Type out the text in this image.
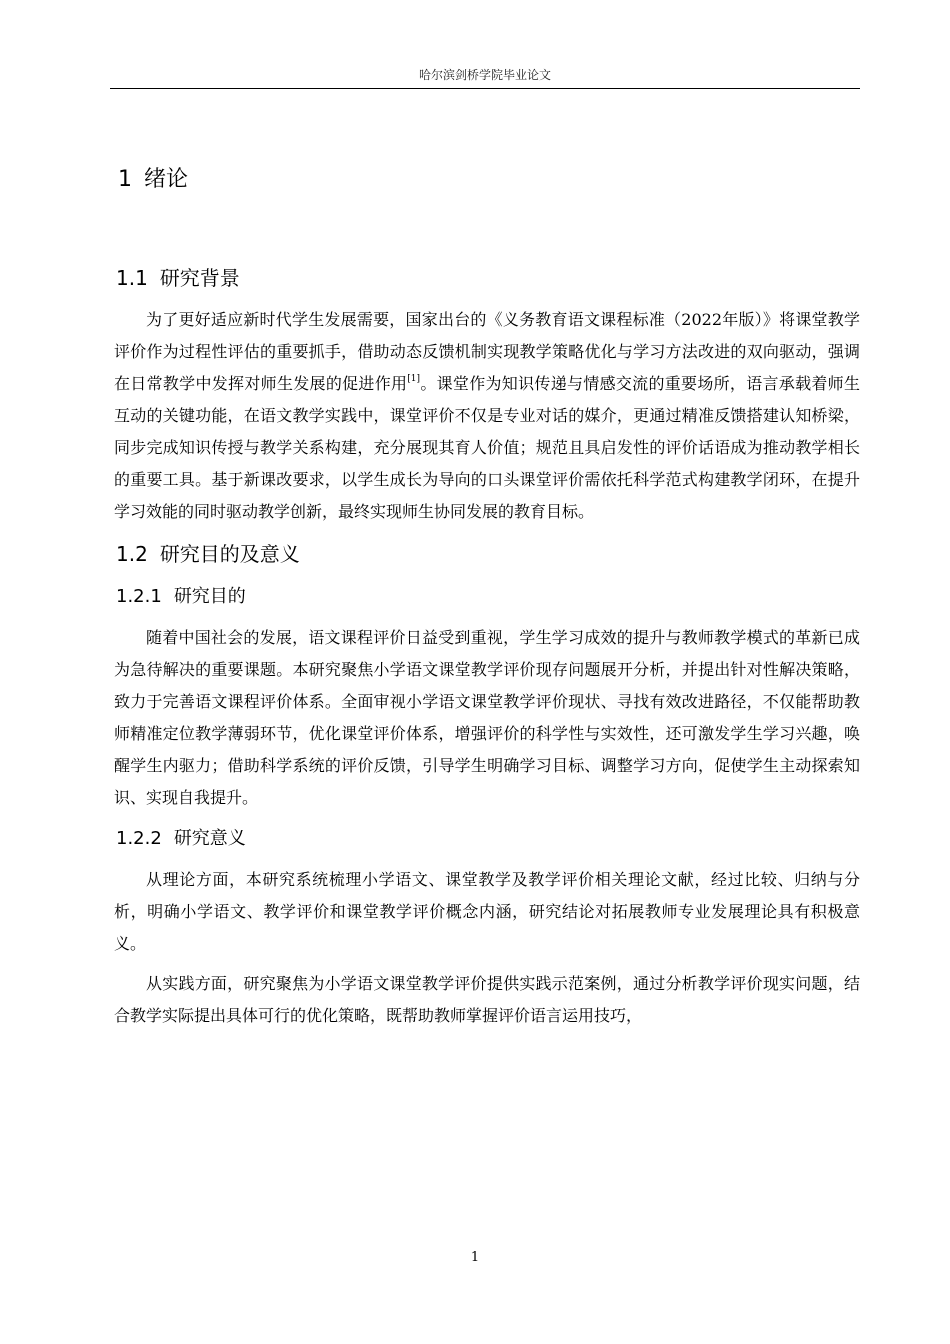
哈尔滨剑桥学院毕业论文
1 绪论
1.1 研究背景

为了更好适应新时代学生发展需要，国家出台的《义务教育语文课程标准（2022年版）》将课堂教学评价作为过程性评估的重要抓手，借助动态反馈机制实现教学策略优化与学习方法改进的双向驱动，强调在日常教学中发挥对师生发展的促进作用[1]。课堂作为知识传递与情感交流的重要场所，语言承载着师生互动的关键功能，在语文教学实践中，课堂评价不仅是专业对话的媒介，更通过精准反馈搭建认知桥梁，同步完成知识传授与教学关系构建，充分展现其育人价值；规范且具启发性的评价话语成为推动教学相长的重要工具。基于新课改要求，以学生成长为导向的口头课堂评价需依托科学范式构建教学闭环，在提升学习效能的同时驱动教学创新，最终实现师生协同发展的教育目标。

1.2 研究目的及意义
1.2.1 研究目的

随着中国社会的发展，语文课程评价日益受到重视，学生学习成效的提升与教师教学模式的革新已成为急待解决的重要课题。本研究聚焦小学语文课堂教学评价现存问题展开分析，并提出针对性解决策略，致力于完善语文课程评价体系。全面审视小学语文课堂教学评价现状、寻找有效改进路径，不仅能帮助教师精准定位教学薄弱环节，优化课堂评价体系，增强评价的科学性与实效性，还可激发学生学习兴趣，唤醒学生内驱力；借助科学系统的评价反馈，引导学生明确学习目标、调整学习方向，促使学生主动探索知识、实现自我提升。

1.2.2 研究意义

从理论方面，本研究系统梳理小学语文、课堂教学及教学评价相关理论文献，经过比较、归纳与分析，明确小学语文、教学评价和课堂教学评价概念内涵，研究结论对拓展教师专业发展理论具有积极意义。

从实践方面，研究聚焦为小学语文课堂教学评价提供实践示范案例，通过分析教学评价现实问题，结合教学实际提出具体可行的优化策略，既帮助教师掌握评价语言运用技巧，

1
